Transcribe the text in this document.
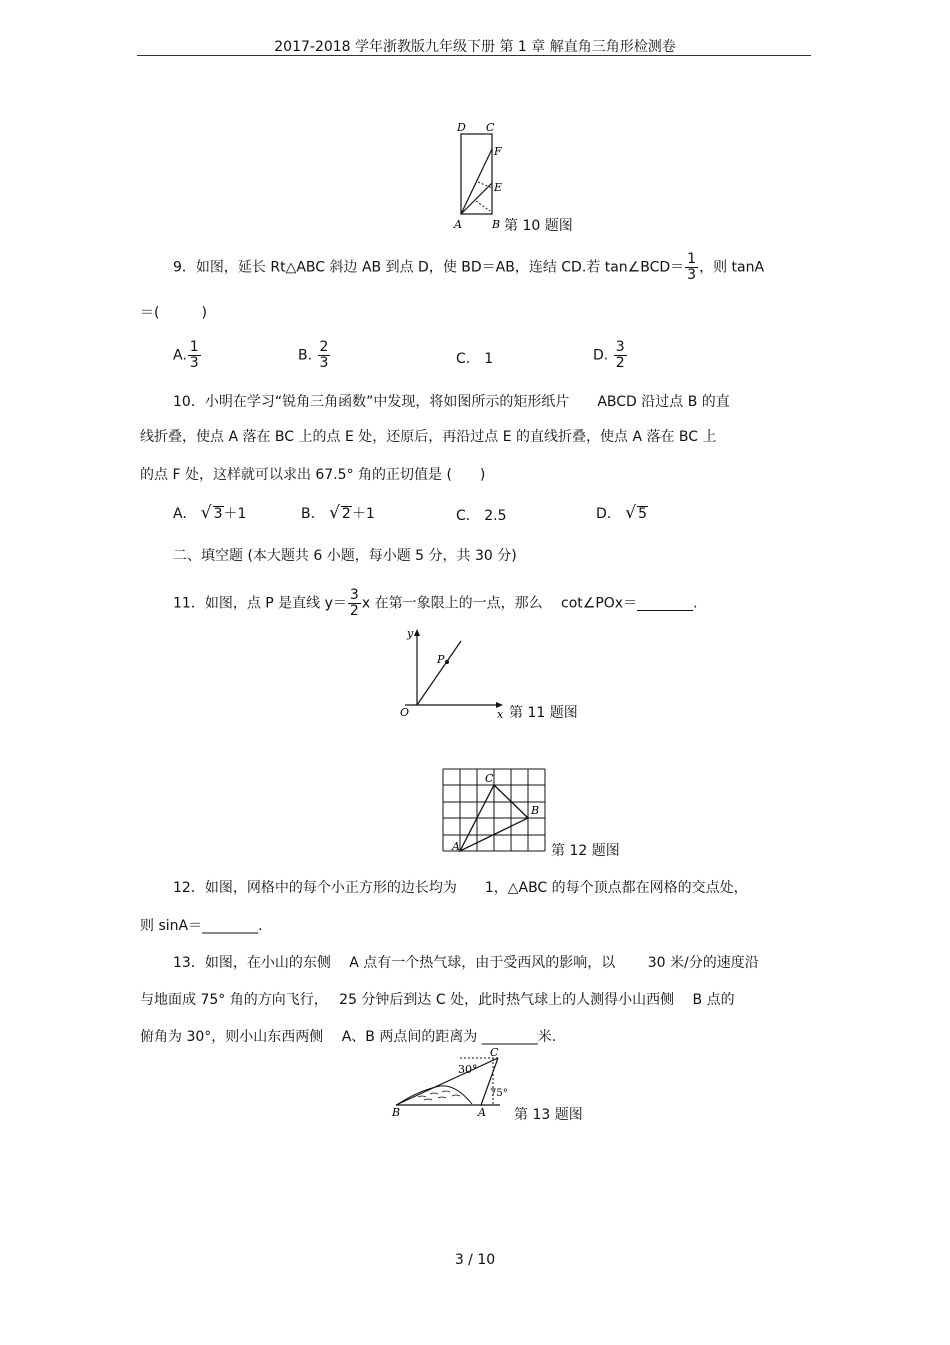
2017-2018 学年浙教版九年级下册 第 1 章 解直角三角形检测卷
D C
F
E
A	B 第 10 题图
9．如图，延长 Rt△ABC 斜边 AB 到点 D，使 BD＝AB，连结 CD.若 tan∠BCD＝ $\frac{1}{3}$ ，则 tanA
＝(　　　)
A. $\frac{1}{3}$	B. $\frac{2}{3}$	C.　 1	D. $\frac{3}{2}$
10．小明在学习“锐角三角函数”中发现，将如图所示的矩形纸片　　ABCD 沿过点 B 的直
线折叠，使点 A 落在 BC 上的点 E 处，还原后，再沿过点 E 的直线折叠，使点 A 落在 BC 上
的点 F 处，这样就可以求出 67.5° 角的正切值是 (　　)
A.　 √ 3＋1	B.　 √ 2＋1	C.　 2.5	D.　 √ 5
二、填空题 (本大题共 6 小题，每小题 5 分，共 30 分)
11．如图，点 P 是直线 $y= \frac{3}{2}$ x 在第一象限上的一点，那么　 cot∠POx＝________.
y
x
O
P
第 11 题图
A
B
C
第 12 题图
12．如图，网格中的每个小正方形的边长均为　　1，△ABC 的每个顶点都在网格的交点处，
则 sinA＝________.
13．如图，在小山的东侧　 A 点有一个热气球，由于受西风的影响，以　　 30 米/分的速度沿
与地面成 75° 角的方向飞行，　 25 分钟后到达 C 处，此时热气球上的人测得小山西侧　 B 点的
俯角为 30°，则小山东西两侧　 A、B 两点间的距离为 ________米.
C
B	A
30°
75°
第 13 题图
3 / 10
